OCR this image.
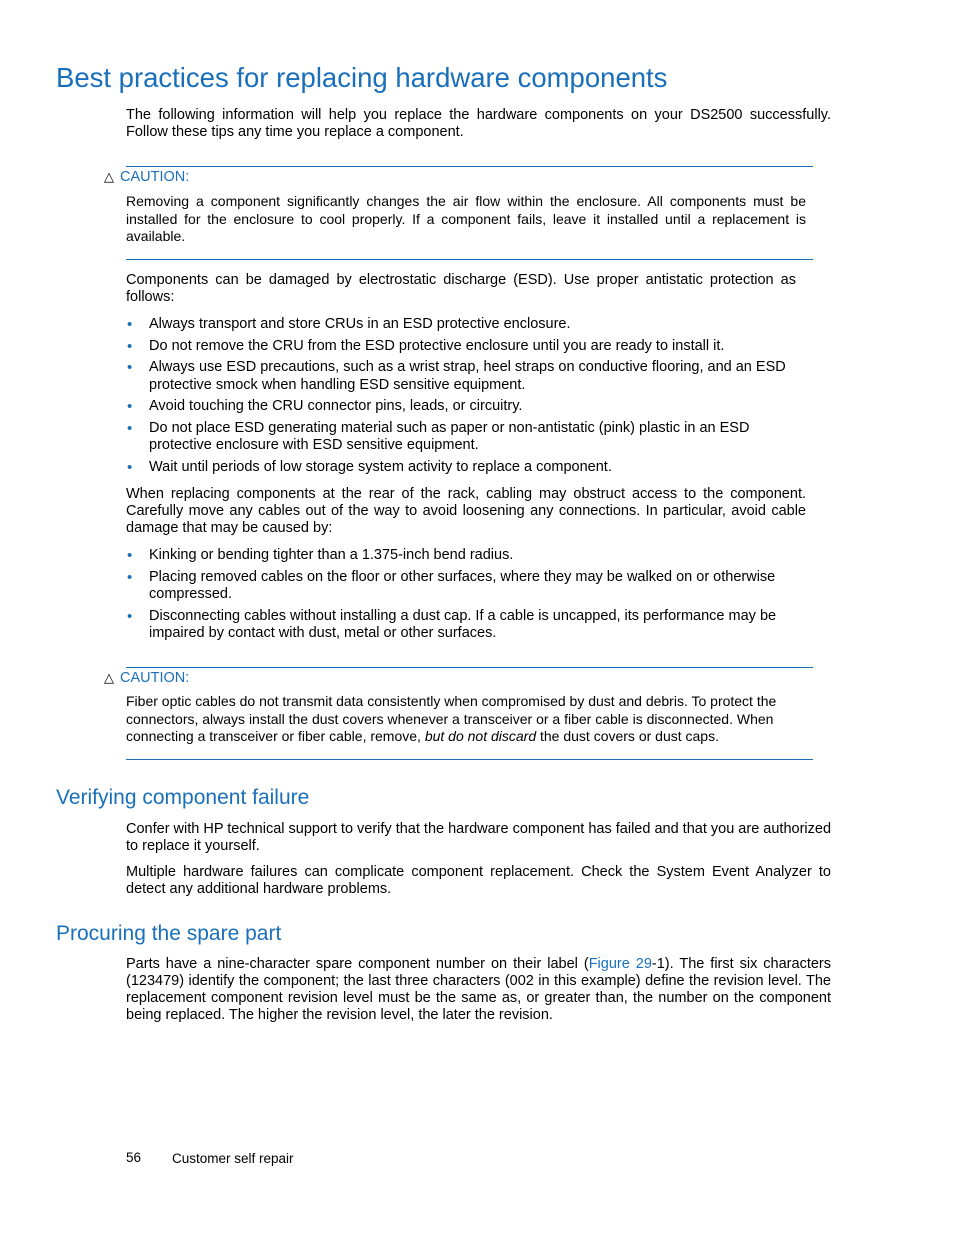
Best practices for replacing hardware components

The following information will help you replace the hardware components on your DS2500 successfully. Follow these tips any time you replace a component.

△ CAUTION:

Removing a component significantly changes the air flow within the enclosure. All components must be installed for the enclosure to cool properly. If a component fails, leave it installed until a replacement is available.

Components can be damaged by electrostatic discharge (ESD). Use proper antistatic protection as follows:

• Always transport and store CRUs in an ESD protective enclosure.
• Do not remove the CRU from the ESD protective enclosure until you are ready to install it.
• Always use ESD precautions, such as a wrist strap, heel straps on conductive flooring, and an ESD protective smock when handling ESD sensitive equipment.
• Avoid touching the CRU connector pins, leads, or circuitry.
• Do not place ESD generating material such as paper or non-antistatic (pink) plastic in an ESD protective enclosure with ESD sensitive equipment.
• Wait until periods of low storage system activity to replace a component.

When replacing components at the rear of the rack, cabling may obstruct access to the component. Carefully move any cables out of the way to avoid loosening any connections. In particular, avoid cable damage that may be caused by:

• Kinking or bending tighter than a 1.375-inch bend radius.
• Placing removed cables on the floor or other surfaces, where they may be walked on or otherwise compressed.
• Disconnecting cables without installing a dust cap. If a cable is uncapped, its performance may be impaired by contact with dust, metal or other surfaces.
△ CAUTION:

Fiber optic cables do not transmit data consistently when compromised by dust and debris. To protect the connectors, always install the dust covers whenever a transceiver or a fiber cable is disconnected. When connecting a transceiver or fiber cable, remove, but do not discard the dust covers or dust caps.

Verifying component failure

Confer with HP technical support to verify that the hardware component has failed and that you are authorized to replace it yourself.

Multiple hardware failures can complicate component replacement. Check the System Event Analyzer to detect any additional hardware problems.

Procuring the spare part

Parts have a nine-character spare component number on their label (Figure 29-1). The first six characters (123479) identify the component; the last three characters (002 in this example) define the revision level. The replacement component revision level must be the same as, or greater than, the number on the component being replaced. The higher the revision level, the later the revision.

56 Customer self repair
